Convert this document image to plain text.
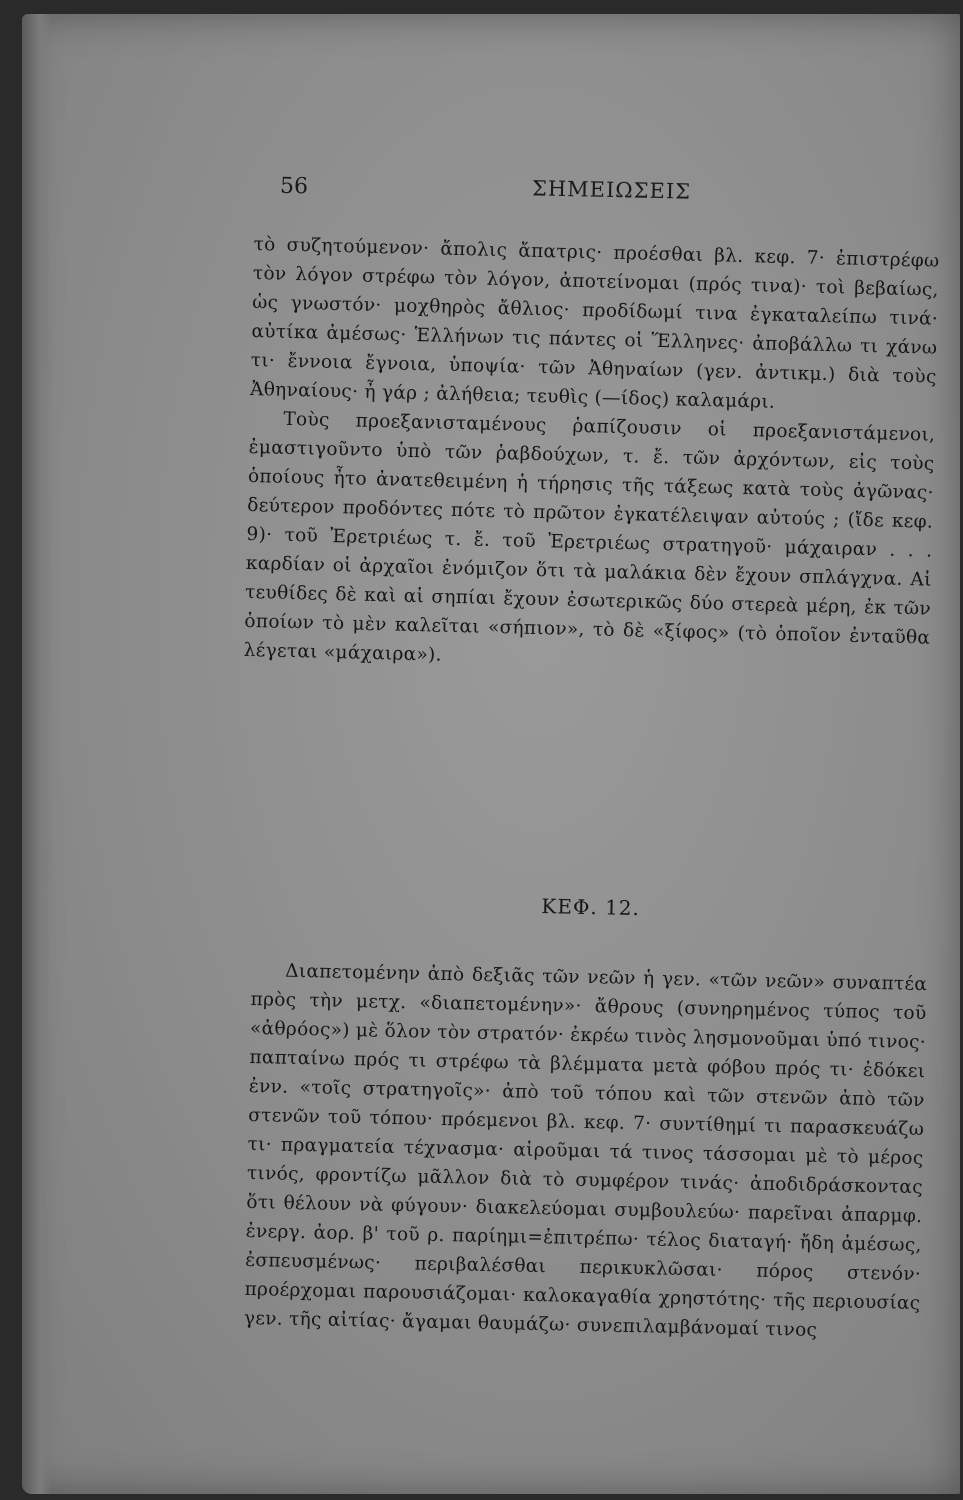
56	ΣΗΜΕΙΩΣΕΙΣ

τὸ συζητούμενον· ἄπολις ἄπατρις· προέσθαι βλ. κεφ. 7· ἐπιστρέφω τὸν λόγον στρέφω τὸν λόγον, ἀποτείνομαι (πρός τινα)· τοὶ βεβαίως, ὡς γνωστόν· μοχθηρὸς ἄθλιος· προδίδωμί τινα ἐγκαταλείπω τινά· αὐτίκα ἀμέσως· Ἑλλήνων τις πάντες οἱ Ἕλληνες· ἀποβάλλω τι χάνω τι· ἔννοια ἔγνοια, ὑποψία· τῶν Ἀθηναίων (γεν. ἀντικμ.) διὰ τοὺς Ἀθηναίους· ἦ γάρ ; ἀλήθεια; τευθὶς (—ίδος) καλαμάρι.

Τοὺς προεξανισταμένους ῥαπίζουσιν οἱ προεξανιστάμενοι, ἐμαστιγοῦντο ὑπὸ τῶν ῥαβδούχων, τ. ἔ. τῶν ἀρχόντων, εἰς τοὺς ὁποίους ἦτο ἀνατεθειμένη ἡ τήρησις τῆς τάξεως κατὰ τοὺς ἀγῶνας· δεύτερον προδόντες πότε τὸ πρῶτον ἐγκατέλειψαν αὐτούς ; (ἴδε κεφ. 9)· τοῦ Ἐρετριέως τ. ἔ. τοῦ Ἐρετριέως στρατηγοῦ· μάχαιραν . . . καρδίαν οἱ ἀρχαῖοι ἐνόμιζον ὅτι τὰ μαλάκια δὲν ἔχουν σπλάγχνα. Αἱ τευθίδες δὲ καὶ αἱ σηπίαι ἔχουν ἐσωτερικῶς δύο στερεὰ μέρη, ἐκ τῶν ὁποίων τὸ μὲν καλεῖται «σήπιον», τὸ δὲ «ξίφος» (τὸ ὁποῖον ἐνταῦθα λέγεται «μάχαιρα»).

ΚΕΦ. 12.

Διαπετομένην ἀπὸ δεξιᾶς τῶν νεῶν ἡ γεν. «τῶν νεῶν» συναπτέα πρὸς τὴν μετχ. «διαπετομένην»· ἄθρους (συνηρημένος τύπος τοῦ «ἀθρόος») μὲ ὅλον τὸν στρατόν· ἐκρέω τινὸς λησμονοῦμαι ὑπό τινος· παπταίνω πρός τι στρέφω τὰ βλέμματα μετὰ φόβου πρός τι· ἐδόκει ἐνν. «τοῖς στρατηγοῖς»· ἀπὸ τοῦ τόπου καὶ τῶν στενῶν ἀπὸ τῶν στενῶν τοῦ τόπου· πρόεμενοι βλ. κεφ. 7· συντίθημί τι παρασκευάζω τι· πραγματεία τέχνασμα· αἱροῦμαι τά τινος τάσσομαι μὲ τὸ μέρος τινός, φροντίζω μᾶλλον διὰ τὸ συμφέρον τινάς· ἀποδιδράσκοντας ὅτι θέλουν νὰ φύγουν· διακελεύομαι συμβουλεύω· παρεῖναι ἀπαρμφ. ἐνεργ. ἀορ. β' τοῦ ρ. παρίημι=ἐπιτρέπω· τέλος διαταγή· ἤδη ἀμέσως, ἐσπευσμένως· περιβαλέσθαι περικυκλῶσαι· πόρος στενόν· προέρχομαι παρουσιάζομαι· καλοκαγαθία χρηστότης· τῆς περιουσίας γεν. τῆς αἰτίας· ἄγαμαι θαυμάζω· συνεπιλαμβάνομαί τινος
